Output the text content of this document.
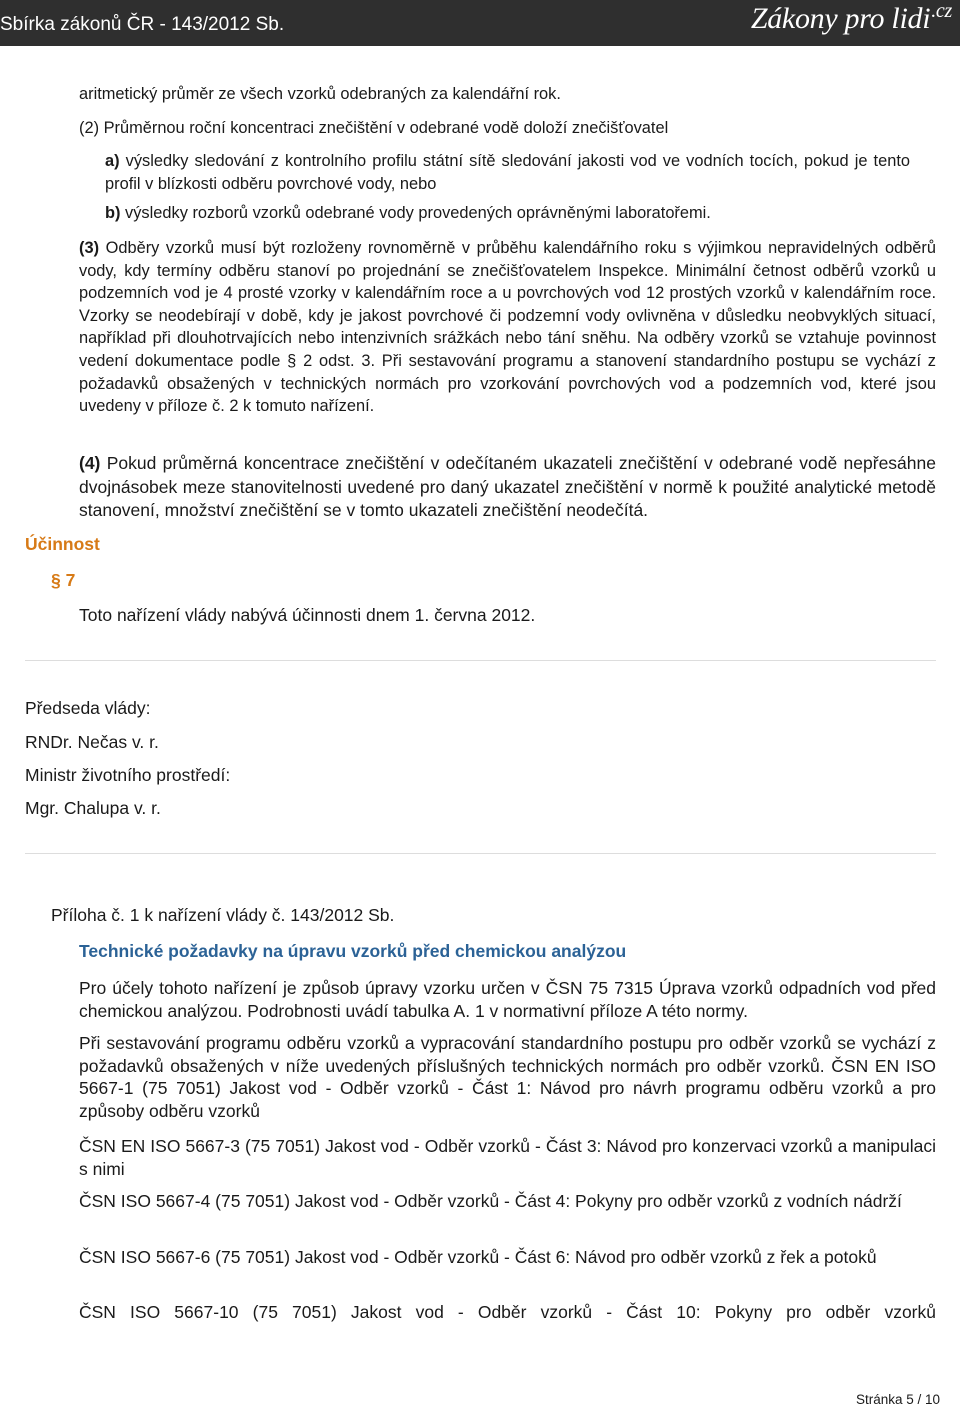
Sbírka zákonů ČR - 143/2012 Sb.	Zákony pro lidi$^{.cz}$

aritmetický průměr ze všech vzorků odebraných za kalendářní rok.

(2) Průměrnou roční koncentraci znečištění v odebrané vodě doloží znečišťovatel

a) výsledky sledování z kontrolního profilu státní sítě sledování jakosti vod ve vodních tocích, pokud je tento profil v blízkosti odběru povrchové vody, nebo

b) výsledky rozborů vzorků odebrané vody provedených oprávněnými laboratořemi.

(3) Odběry vzorků musí být rozloženy rovnoměrně v průběhu kalendářního roku s výjimkou nepravidelných odběrů vody, kdy termíny odběru stanoví po projednání se znečišťovatelem Inspekce. Minimální četnost odběrů vzorků u podzemních vod je 4 prosté vzorky v kalendářním roce a u povrchových vod 12 prostých vzorků v kalendářním roce. Vzorky se neodebírají v době, kdy je jakost povrchové či podzemní vody ovlivněna v důsledku neobvyklých situací, například při dlouhotrvajících nebo intenzivních srážkách nebo tání sněhu. Na odběry vzorků se vztahuje povinnost vedení dokumentace podle § 2 odst. 3. Při sestavování programu a stanovení standardního postupu se vychází z požadavků obsažených v technických normách pro vzorkování povrchových vod a podzemních vod, které jsou uvedeny v příloze č. 2 k tomuto nařízení.

(4) Pokud průměrná koncentrace znečištění v odečítaném ukazateli znečištění v odebrané vodě nepřesáhne dvojnásobek meze stanovitelnosti uvedené pro daný ukazatel znečištění v normě k použité analytické metodě stanovení, množství znečištění se v tomto ukazateli znečištění neodečítá.

Účinnost
§ 7

Toto nařízení vlády nabývá účinnosti dnem 1. června 2012.

Předseda vlády:
RNDr. Nečas v. r.
Ministr životního prostředí:
Mgr. Chalupa v. r.
Příloha č. 1 k nařízení vlády č. 143/2012 Sb.
Technické požadavky na úpravu vzorků před chemickou analýzou

Pro účely tohoto nařízení je způsob úpravy vzorku určen v ČSN 75 7315 Úprava vzorků odpadních vod před chemickou analýzou. Podrobnosti uvádí tabulka A. 1 v normativní příloze A této normy.

Při sestavování programu odběru vzorků a vypracování standardního postupu pro odběr vzorků se vychází z požadavků obsažených v níže uvedených příslušných technických normách pro odběr vzorků. ČSN EN ISO 5667-1 (75 7051) Jakost vod - Odběr vzorků - Část 1: Návod pro návrh programu odběru vzorků a pro způsoby odběru vzorků

ČSN EN ISO 5667-3 (75 7051) Jakost vod - Odběr vzorků - Část 3: Návod pro konzervaci vzorků a manipulaci s nimi

ČSN ISO 5667-4 (75 7051) Jakost vod - Odběr vzorků - Část 4: Pokyny pro odběr vzorků z vodních nádrží

ČSN ISO 5667-6 (75 7051) Jakost vod - Odběr vzorků - Část 6: Návod pro odběr vzorků z řek a potoků

ČSN ISO 5667-10 (75 7051) Jakost vod - Odběr vzorků - Část 10: Pokyny pro odběr vzorků

Stránka 5 / 10
